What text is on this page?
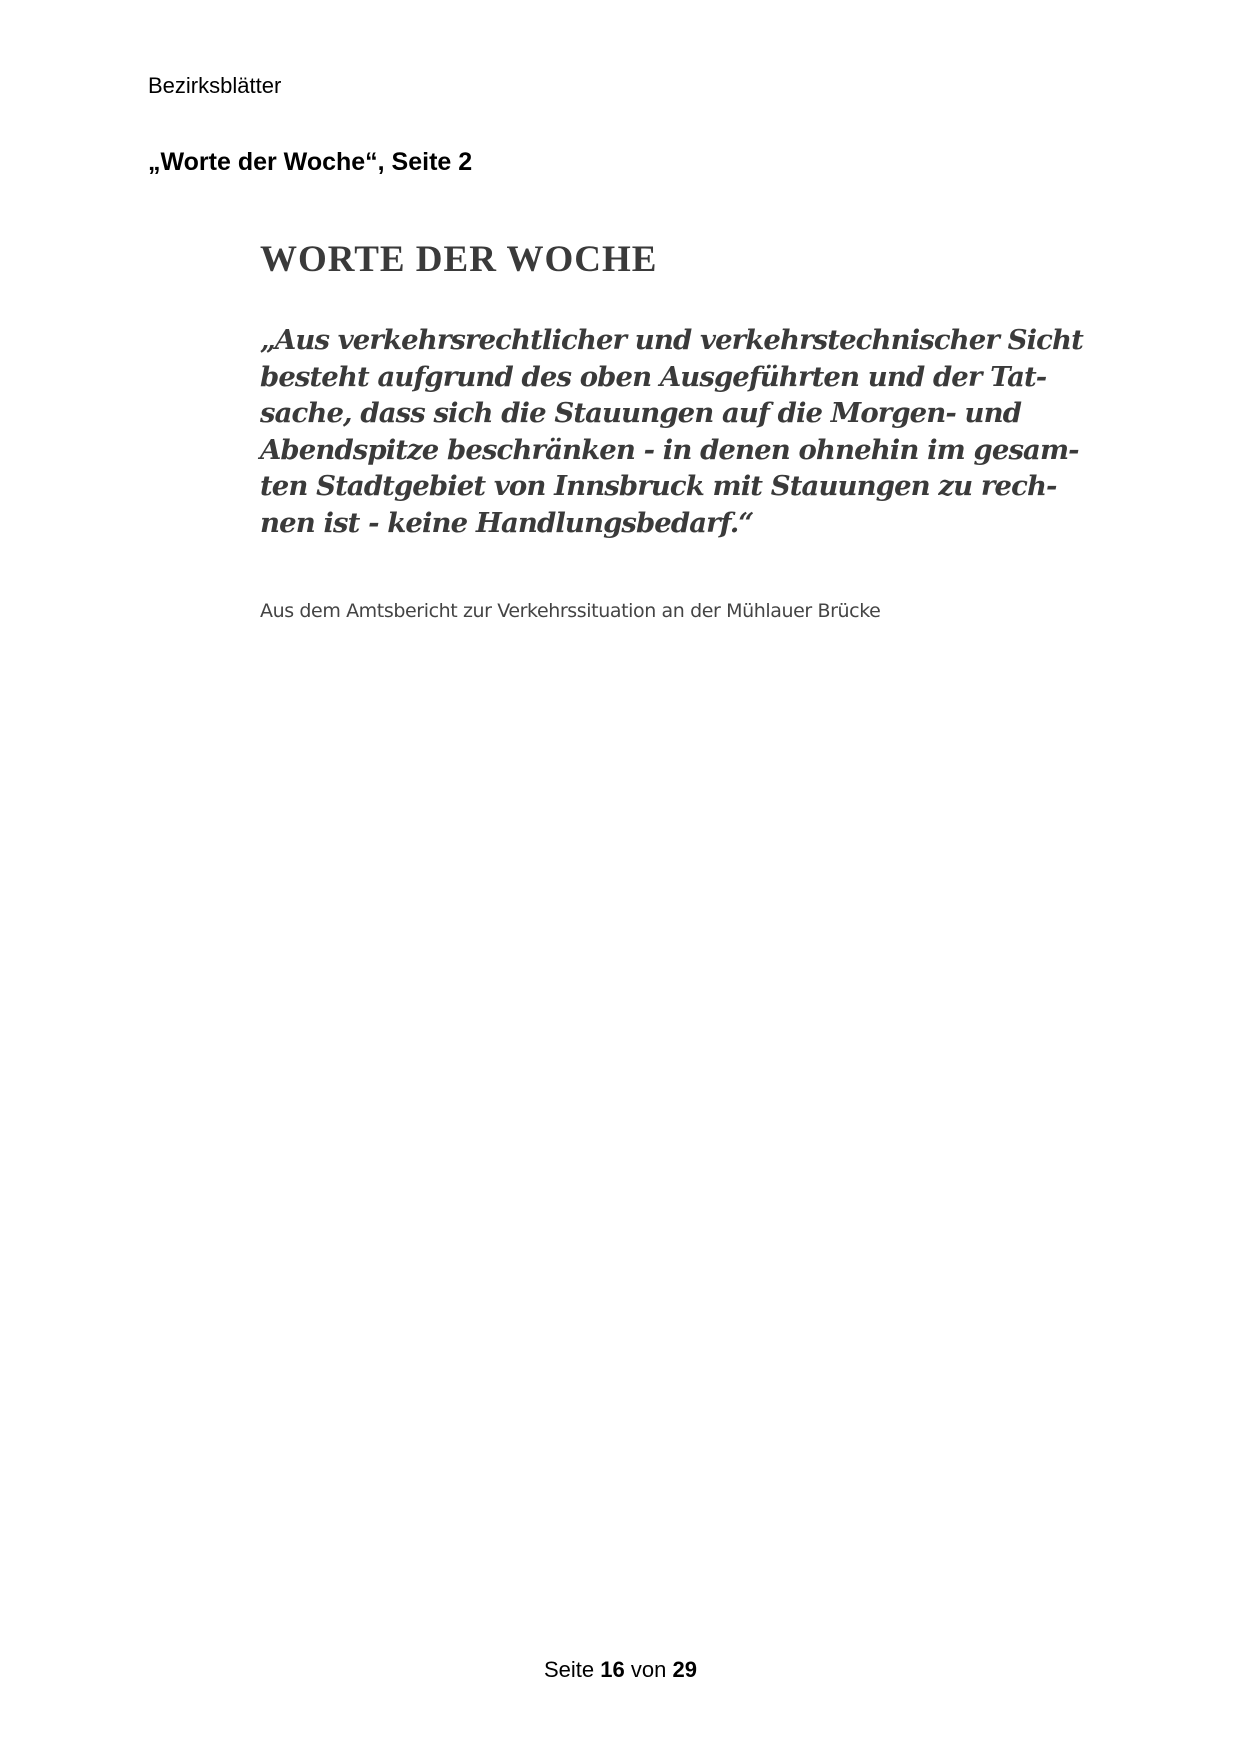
Bezirksblätter
„Worte der Woche“, Seite 2
WORTE DER WOCHE

„Aus verkehrsrechtlicher und verkehrstechnischer Sicht
besteht aufgrund des oben Ausgeführten und der Tat-
sache, dass sich die Stauungen auf die Morgen- und
Abendspitze beschränken - in denen ohnehin im gesam-
ten Stadtgebiet von Innsbruck mit Stauungen zu rech-
nen ist - keine Handlungsbedarf.“

Aus dem Amtsbericht zur Verkehrssituation an der Mühlauer Brücke
Seite 16 von 29
